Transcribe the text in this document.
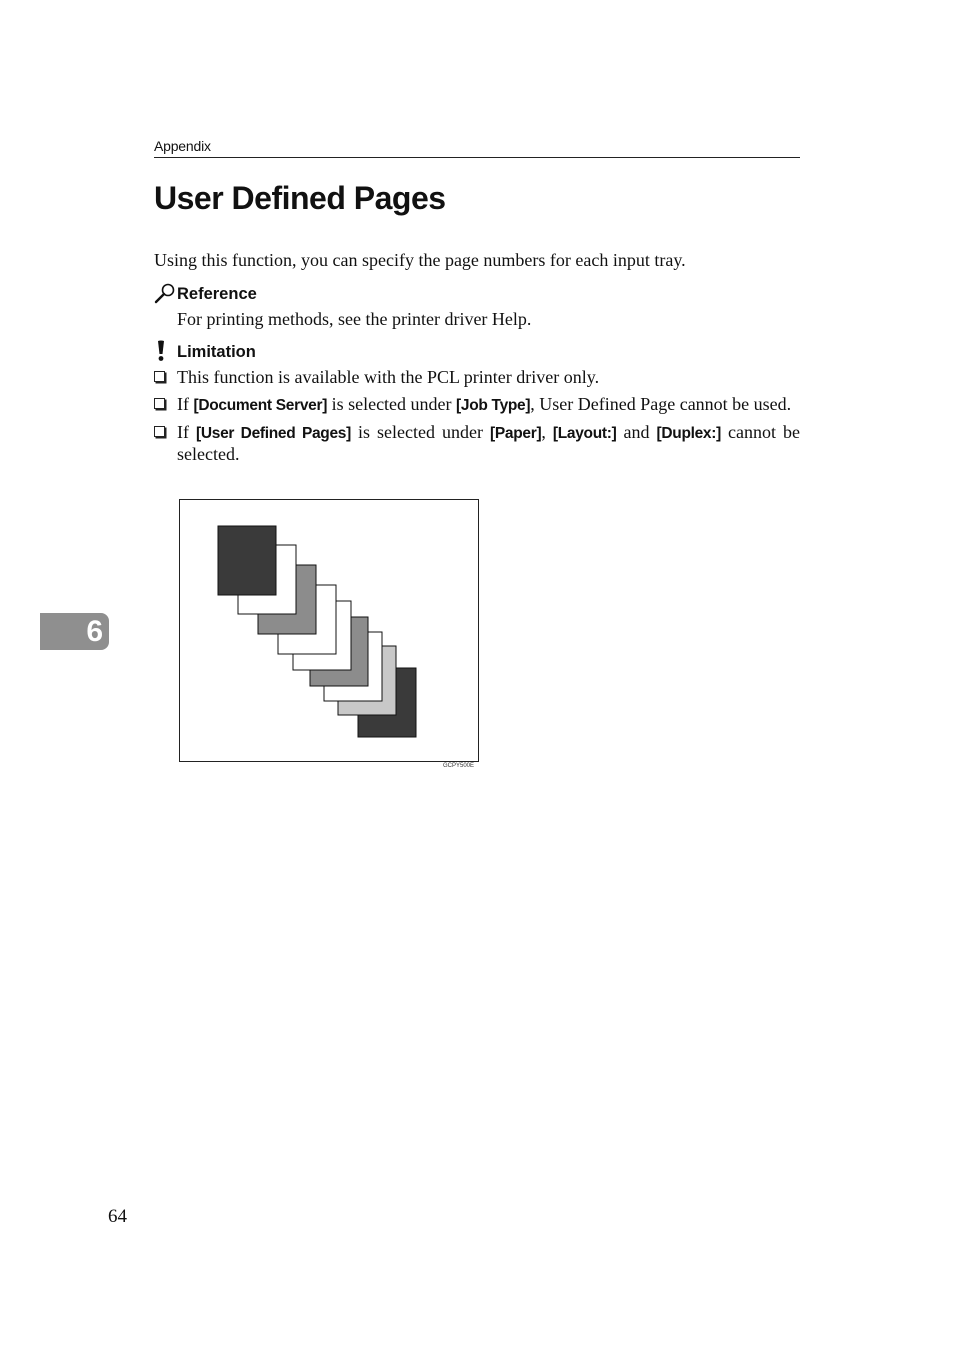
Appendix
User Defined Pages

Using this function, you can specify the page numbers for each input tray.

Reference

For printing methods, see the printer driver Help.

Limitation
This function is available with the PCL printer driver only.
If [Document Server] is selected under [Job Type], User Defined Page cannot be used.
If [User Defined Pages] is selected under [Paper], [Layout:] and [Duplex:] cannot be selected.
GCPY500E
6
64
